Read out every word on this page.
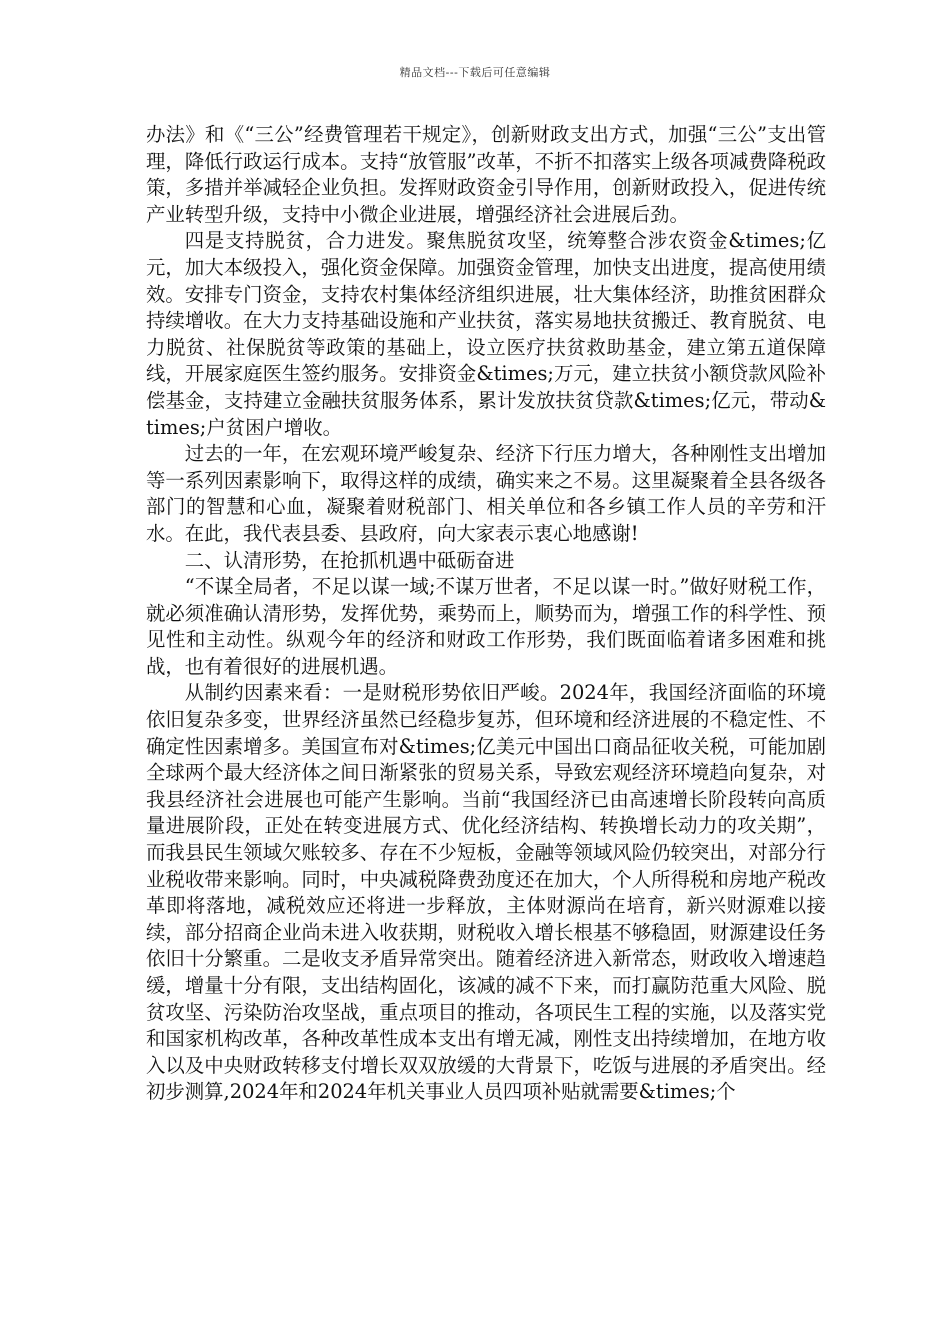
精品文档---下载后可任意编辑

办法》和《“三公”经费管理若干规定》，创新财政支出方式，加强“三公”支出管理，降低行政运行成本。支持“放管服”改革，不折不扣落实上级各项减费降税政策，多措并举减轻企业负担。发挥财政资金引导作用，创新财政投入，促进传统产业转型升级，支持中小微企业进展，增强经济社会进展后劲。

四是支持脱贫，合力进发。聚焦脱贫攻坚，统筹整合涉农资金&times;亿元，加大本级投入，强化资金保障。加强资金管理，加快支出进度，提高使用绩效。安排专门资金，支持农村集体经济组织进展，壮大集体经济，助推贫困群众持续增收。在大力支持基础设施和产业扶贫，落实易地扶贫搬迁、教育脱贫、电力脱贫、社保脱贫等政策的基础上，设立医疗扶贫救助基金，建立第五道保障线，开展家庭医生签约服务。安排资金&times;万元，建立扶贫小额贷款风险补偿基金，支持建立金融扶贫服务体系，累计发放扶贫贷款&times;亿元，带动&times;户贫困户增收。

过去的一年，在宏观环境严峻复杂、经济下行压力增大，各种刚性支出增加等一系列因素影响下，取得这样的成绩，确实来之不易。这里凝聚着全县各级各部门的智慧和心血，凝聚着财税部门、相关单位和各乡镇工作人员的辛劳和汗水。在此，我代表县委、县政府，向大家表示衷心地感谢!

二、认清形势，在抢抓机遇中砥砺奋进

“不谋全局者，不足以谋一域;不谋万世者，不足以谋一时。”做好财税工作，就必须准确认清形势，发挥优势，乘势而上，顺势而为，增强工作的科学性、预见性和主动性。纵观今年的经济和财政工作形势，我们既面临着诸多困难和挑战，也有着很好的进展机遇。

从制约因素来看：一是财税形势依旧严峻。2024年，我国经济面临的环境依旧复杂多变，世界经济虽然已经稳步复苏，但环境和经济进展的不稳定性、不确定性因素增多。美国宣布对&times;亿美元中国出口商品征收关税，可能加剧全球两个最大经济体之间日渐紧张的贸易关系，导致宏观经济环境趋向复杂，对我县经济社会进展也可能产生影响。当前“我国经济已由高速增长阶段转向高质量进展阶段，正处在转变进展方式、优化经济结构、转换增长动力的攻关期”，而我县民生领域欠账较多、存在不少短板，金融等领域风险仍较突出，对部分行业税收带来影响。同时，中央减税降费劲度还在加大，个人所得税和房地产税改革即将落地，减税效应还将进一步释放，主体财源尚在培育，新兴财源难以接续，部分招商企业尚未进入收获期，财税收入增长根基不够稳固，财源建设任务依旧十分繁重。二是收支矛盾异常突出。随着经济进入新常态，财政收入增速趋缓，增量十分有限，支出结构固化，该减的减不下来，而打赢防范重大风险、脱贫攻坚、污染防治攻坚战，重点项目的推动，各项民生工程的实施，以及落实党和国家机构改革，各种改革性成本支出有增无减，刚性支出持续增加，在地方收入以及中央财政转移支付增长双双放缓的大背景下，吃饭与进展的矛盾突出。经初步测算,2024年和2024年机关事业人员四项补贴就需要&times;个
